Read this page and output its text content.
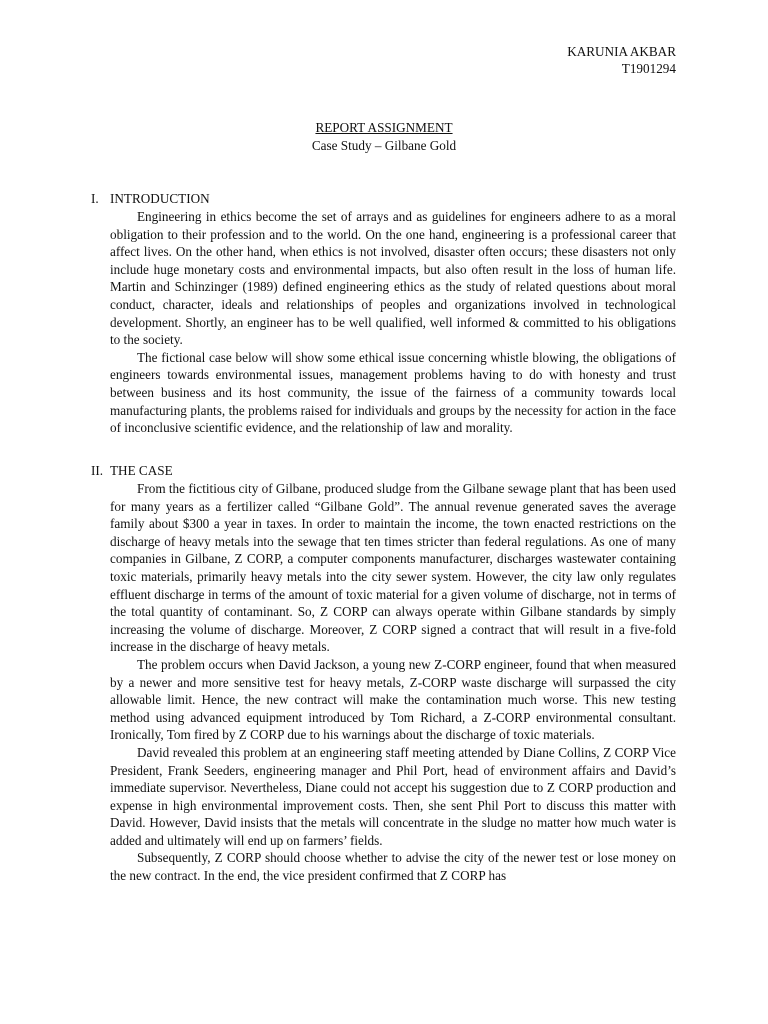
KARUNIA AKBAR
T1901294
REPORT ASSIGNMENT
Case Study – Gilbane Gold
I. INTRODUCTION

Engineering in ethics become the set of arrays and as guidelines for engineers adhere to as a moral obligation to their profession and to the world. On the one hand, engineering is a professional career that affect lives. On the other hand, when ethics is not involved, disaster often occurs; these disasters not only include huge monetary costs and environmental impacts, but also often result in the loss of human life. Martin and Schinzinger (1989) defined engineering ethics as the study of related questions about moral conduct, character, ideals and relationships of peoples and organizations involved in technological development. Shortly, an engineer has to be well qualified, well informed & committed to his obligations to the society.

The fictional case below will show some ethical issue concerning whistle blowing, the obligations of engineers towards environmental issues, management problems having to do with honesty and trust between business and its host community, the issue of the fairness of a community towards local manufacturing plants, the problems raised for individuals and groups by the necessity for action in the face of inconclusive scientific evidence, and the relationship of law and morality.

II. THE CASE

From the fictitious city of Gilbane, produced sludge from the Gilbane sewage plant that has been used for many years as a fertilizer called “Gilbane Gold”. The annual revenue generated saves the average family about $300 a year in taxes. In order to maintain the income, the town enacted restrictions on the discharge of heavy metals into the sewage that ten times stricter than federal regulations. As one of many companies in Gilbane, Z CORP, a computer components manufacturer, discharges wastewater containing toxic materials, primarily heavy metals into the city sewer system. However, the city law only regulates effluent discharge in terms of the amount of toxic material for a given volume of discharge, not in terms of the total quantity of contaminant. So, Z CORP can always operate within Gilbane standards by simply increasing the volume of discharge. Moreover, Z CORP signed a contract that will result in a five-fold increase in the discharge of heavy metals.

The problem occurs when David Jackson, a young new Z-CORP engineer, found that when measured by a newer and more sensitive test for heavy metals, Z-CORP waste discharge will surpassed the city allowable limit. Hence, the new contract will make the contamination much worse. This new testing method using advanced equipment introduced by Tom Richard, a Z-CORP environmental consultant. Ironically, Tom fired by Z CORP due to his warnings about the discharge of toxic materials.

David revealed this problem at an engineering staff meeting attended by Diane Collins, Z CORP Vice President, Frank Seeders, engineering manager and Phil Port, head of environment affairs and David’s immediate supervisor. Nevertheless, Diane could not accept his suggestion due to Z CORP production and expense in high environmental improvement costs. Then, she sent Phil Port to discuss this matter with David. However, David insists that the metals will concentrate in the sludge no matter how much water is added and ultimately will end up on farmers’ fields.

Subsequently, Z CORP should choose whether to advise the city of the newer test or lose money on the new contract. In the end, the vice president confirmed that Z CORP has
